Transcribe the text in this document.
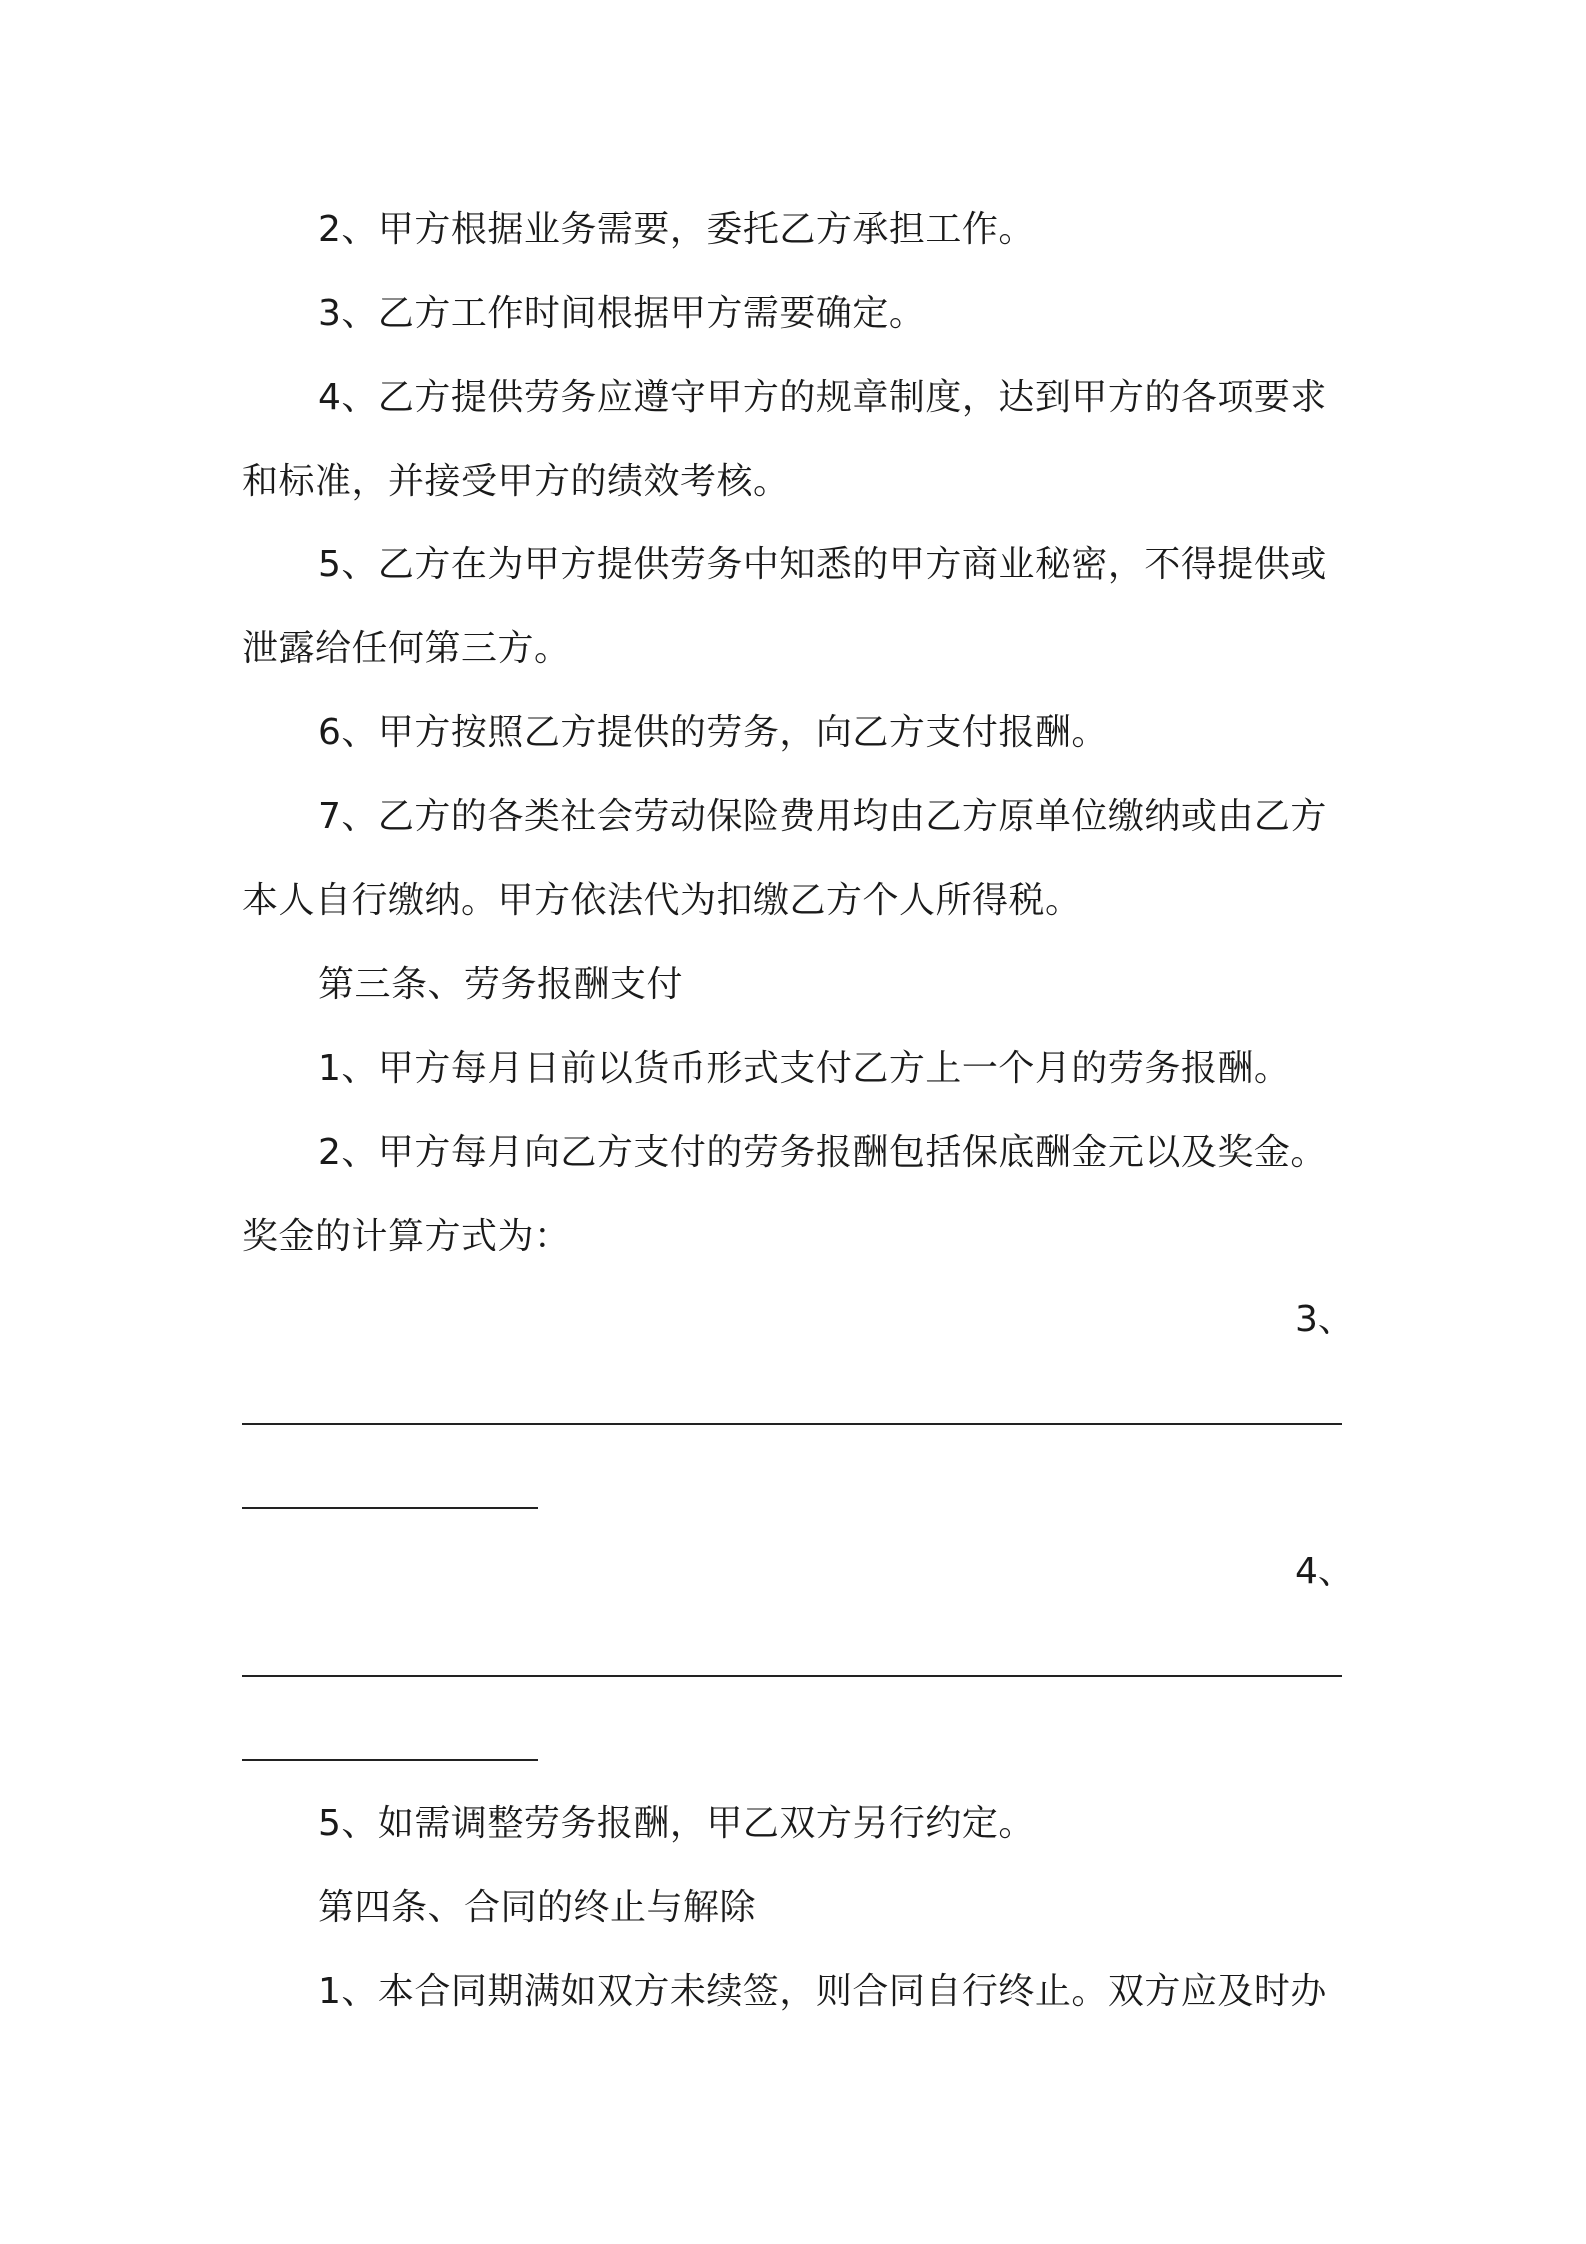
2、甲方根据业务需要，委托乙方承担工作。
3、乙方工作时间根据甲方需要确定。
4、乙方提供劳务应遵守甲方的规章制度，达到甲方的各项要求
和标准，并接受甲方的绩效考核。
5、乙方在为甲方提供劳务中知悉的甲方商业秘密，不得提供或
泄露给任何第三方。
6、甲方按照乙方提供的劳务，向乙方支付报酬。
7、乙方的各类社会劳动保险费用均由乙方原单位缴纳或由乙方
本人自行缴纳。甲方依法代为扣缴乙方个人所得税。
第三条、劳务报酬支付
1、甲方每月日前以货币形式支付乙方上一个月的劳务报酬。
2、甲方每月向乙方支付的劳务报酬包括保底酬金元以及奖金。
奖金的计算方式为：
3、
4、
5、如需调整劳务报酬，甲乙双方另行约定。
第四条、合同的终止与解除
1、本合同期满如双方未续签，则合同自行终止。双方应及时办
